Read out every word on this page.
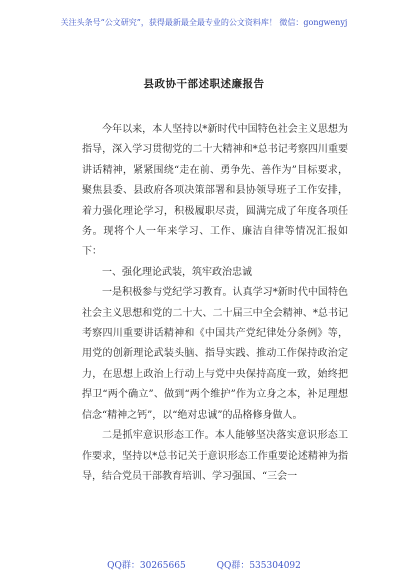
关注头条号“公文研究”，获得最新最全最专业的公文资料库！ 微信：gongwenyj
县政协干部述职述廉报告

今年以来，本人坚持以*新时代中国特色社会主义思想为指导，深入学习贯彻党的二十大精神和*总书记考察四川重要讲话精神，紧紧围绕“走在前、勇争先、善作为”目标要求，聚焦县委、县政府各项决策部署和县协领导班子工作安排，着力强化理论学习，积极履职尽责，圆满完成了年度各项任务。现将个人一年来学习、工作、廉洁自律等情况汇报如下：

一、强化理论武装，筑牢政治忠诚

一是积极参与党纪学习教育。认真学习*新时代中国特色社会主义思想和党的二十大、二十届三中全会精神、*总书记考察四川重要讲话精神和《中国共产党纪律处分条例》等，用党的创新理论武装头脑、指导实践、推动工作保持政治定力，在思想上政治上行动上与党中央保持高度一致，始终把捍卫“两个确立”、做到“两个维护”作为立身之本，补足理想信念“精神之钙”，以“绝对忠诚”的品格修身做人。

二是抓牢意识形态工作。本人能够坚决落实意识形态工作要求，坚持以*总书记关于意识形态工作重要论述精神为指导，结合党员干部教育培训、学习强国、“三会一

QQ群：30265665	QQ群：535304092
